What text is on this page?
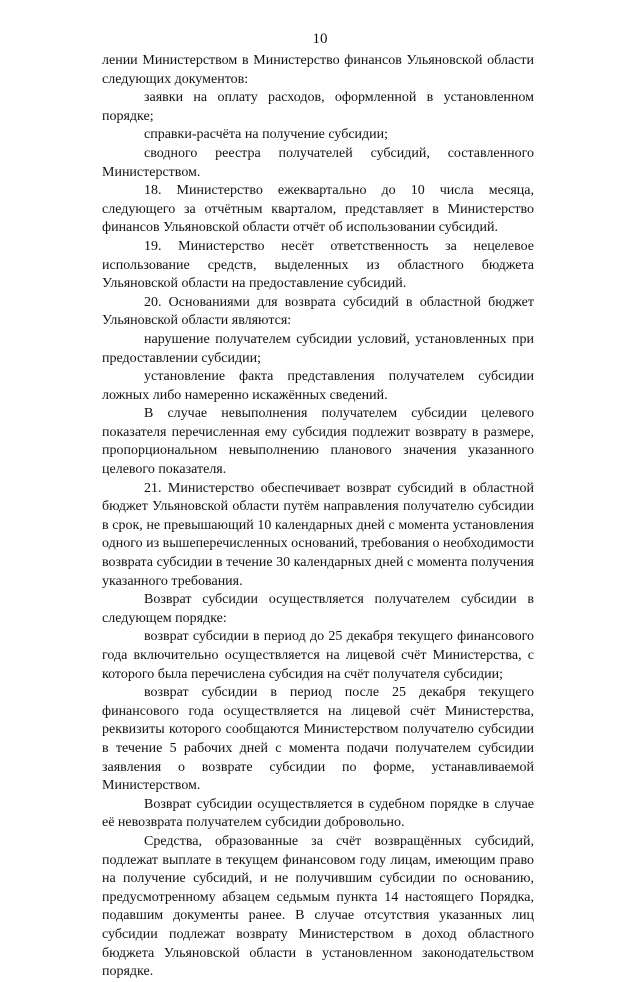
10

лении Министерством в Министерство финансов Ульяновской области следующих документов:

заявки на оплату расходов, оформленной в установленном порядке;

справки-расчёта на получение субсидии;

сводного реестра получателей субсидий, составленного Министерством.

18. Министерство ежеквартально до 10 числа месяца, следующего за отчётным кварталом, представляет в Министерство финансов Ульяновской области отчёт об использовании субсидий.

19. Министерство несёт ответственность за нецелевое использование средств, выделенных из областного бюджета Ульяновской области на предоставление субсидий.

20. Основаниями для возврата субсидий в областной бюджет Ульяновской области являются:

нарушение получателем субсидии условий, установленных при предоставлении субсидии;

установление факта представления получателем субсидии ложных либо намеренно искажённых сведений.

В случае невыполнения получателем субсидии целевого показателя перечисленная ему субсидия подлежит возврату в размере, пропорциональном невыполнению планового значения указанного целевого показателя.

21. Министерство обеспечивает возврат субсидий в областной бюджет Ульяновской области путём направления получателю субсидии в срок, не превышающий 10 календарных дней с момента установления одного из вышеперечисленных оснований, требования о необходимости возврата субсидии в течение 30 календарных дней с момента получения указанного требования.

Возврат субсидии осуществляется получателем субсидии в следующем порядке:

возврат субсидии в период до 25 декабря текущего финансового года включительно осуществляется на лицевой счёт Министерства, с которого была перечислена субсидия на счёт получателя субсидии;

возврат субсидии в период после 25 декабря текущего финансового года осуществляется на лицевой счёт Министерства, реквизиты которого сообщаются Министерством получателю субсидии в течение 5 рабочих дней с момента подачи получателем субсидии заявления о возврате субсидии по форме, устанавливаемой Министерством.

Возврат субсидии осуществляется в судебном порядке в случае её невозврата получателем субсидии добровольно.

Средства, образованные за счёт возвращённых субсидий, подлежат выплате в текущем финансовом году лицам, имеющим право на получение субсидий, и не получившим субсидии по основанию, предусмотренному абзацем седьмым пункта 14 настоящего Порядка, подавшим документы ранее. В случае отсутствия указанных лиц субсидии подлежат возврату Министерством в доход областного бюджета Ульяновской области в установленном законодательством порядке.
